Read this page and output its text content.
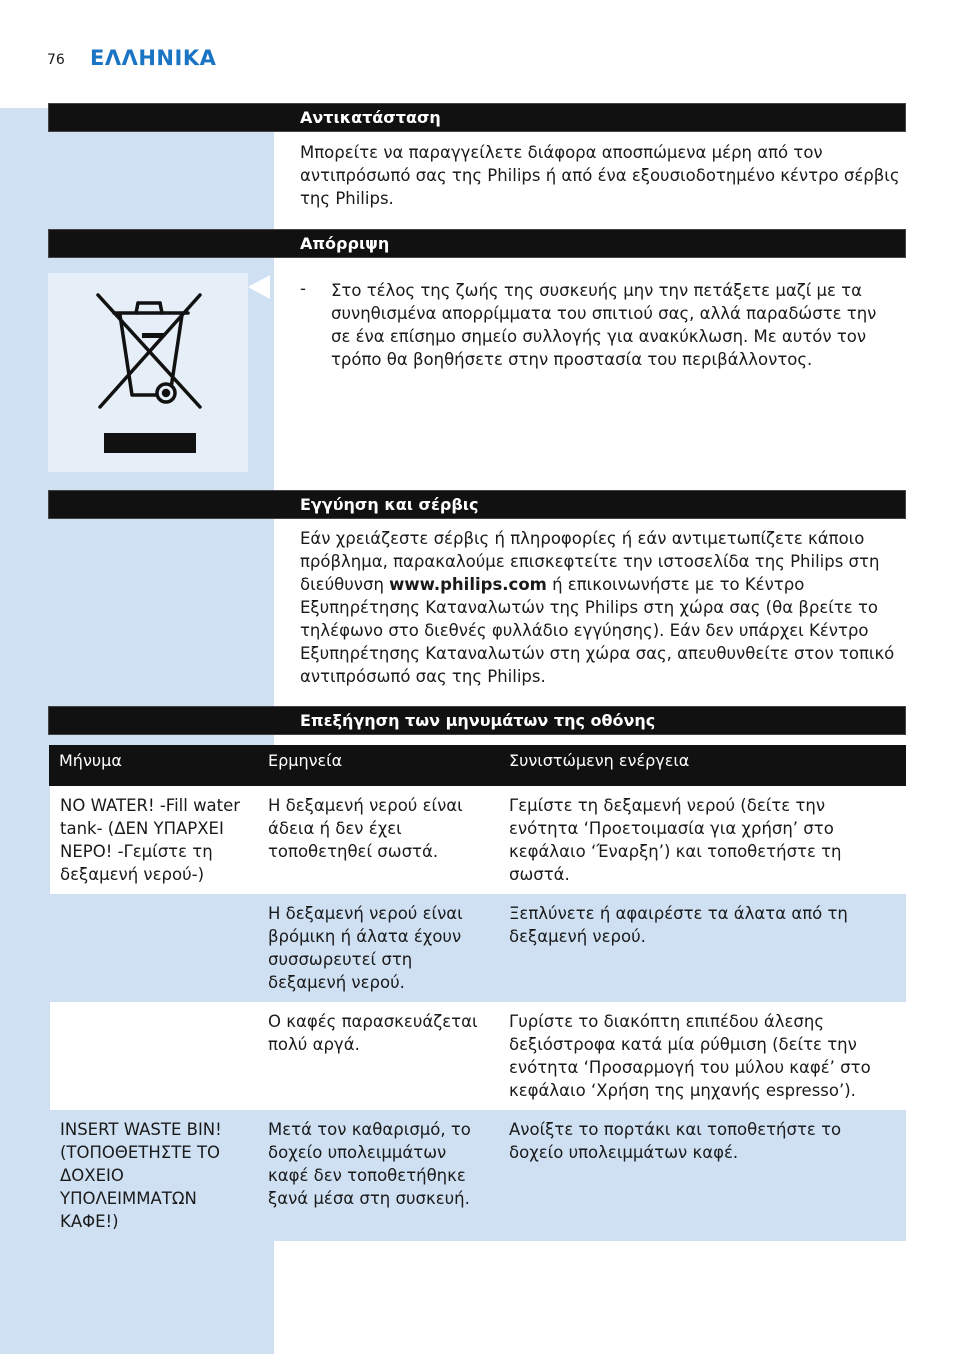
76 ΕΛΛΗΝΙΚΑ
Αντικατάσταση
Μπορείτε να παραγγείλετε διάφορα αποσπώμενα μέρη από τον αντιπρόσωπό σας της Philips ή από ένα εξουσιοδοτημένο κέντρο σέρβις της Philips.
Απόρριψη
- Στο τέλος της ζωής της συσκευής μην την πετάξετε μαζί με τα συνηθισμένα απορρίμματα του σπιτιού σας, αλλά παραδώστε την σε ένα επίσημο σημείο συλλογής για ανακύκλωση. Με αυτόν τον τρόπο θα βοηθήσετε στην προστασία του περιβάλλοντος.
Εγγύηση και σέρβις
Εάν χρειάζεστε σέρβις ή πληροφορίες ή εάν αντιμετωπίζετε κάποιο πρόβλημα, παρακαλούμε επισκεφτείτε την ιστοσελίδα της Philips στη διεύθυνση www.philips.com ή επικοινωνήστε με το Κέντρο Εξυπηρέτησης Καταναλωτών της Philips στη χώρα σας (θα βρείτε το τηλέφωνο στο διεθνές φυλλάδιο εγγύησης). Εάν δεν υπάρχει Κέντρο Εξυπηρέτησης Καταναλωτών στη χώρα σας, απευθυνθείτε στον τοπικό αντιπρόσωπό σας της Philips.
Επεξήγηση των μηνυμάτων της οθόνης
Μήνυμα	Ερμηνεία	Συνιστώμενη ενέργεια
NO WATER! -Fill water tank- (ΔΕΝ ΥΠΑΡΧΕΙ ΝΕΡΟ! -Γεμίστε τη δεξαμενή νερού-)	Η δεξαμενή νερού είναι άδεια ή δεν έχει τοποθετηθεί σωστά.	Γεμίστε τη δεξαμενή νερού (δείτε την ενότητα ‘Προετοιμασία για χρήση’ στο κεφάλαιο ‘Έναρξη’) και τοποθετήστε τη σωστά.
	Η δεξαμενή νερού είναι βρόμικη ή άλατα έχουν συσσωρευτεί στη δεξαμενή νερού.	Ξεπλύνετε ή αφαιρέστε τα άλατα από τη δεξαμενή νερού.
	Ο καφές παρασκευάζεται πολύ αργά.	Γυρίστε το διακόπτη επιπέδου άλεσης δεξιόστροφα κατά μία ρύθμιση (δείτε την ενότητα ‘Προσαρμογή του μύλου καφέ’ στο κεφάλαιο ‘Χρήση της μηχανής espresso’).
INSERT WASTE BIN! (ΤΟΠΟΘΕΤΗΣΤΕ ΤΟ ΔΟΧΕΙΟ ΥΠΟΛΕΙΜΜΑΤΩΝ ΚΑΦΕ!)	Μετά τον καθαρισμό, το δοχείο υπολειμμάτων καφέ δεν τοποθετήθηκε ξανά μέσα στη συσκευή.	Ανοίξτε το πορτάκι και τοποθετήστε το δοχείο υπολειμμάτων καφέ.
